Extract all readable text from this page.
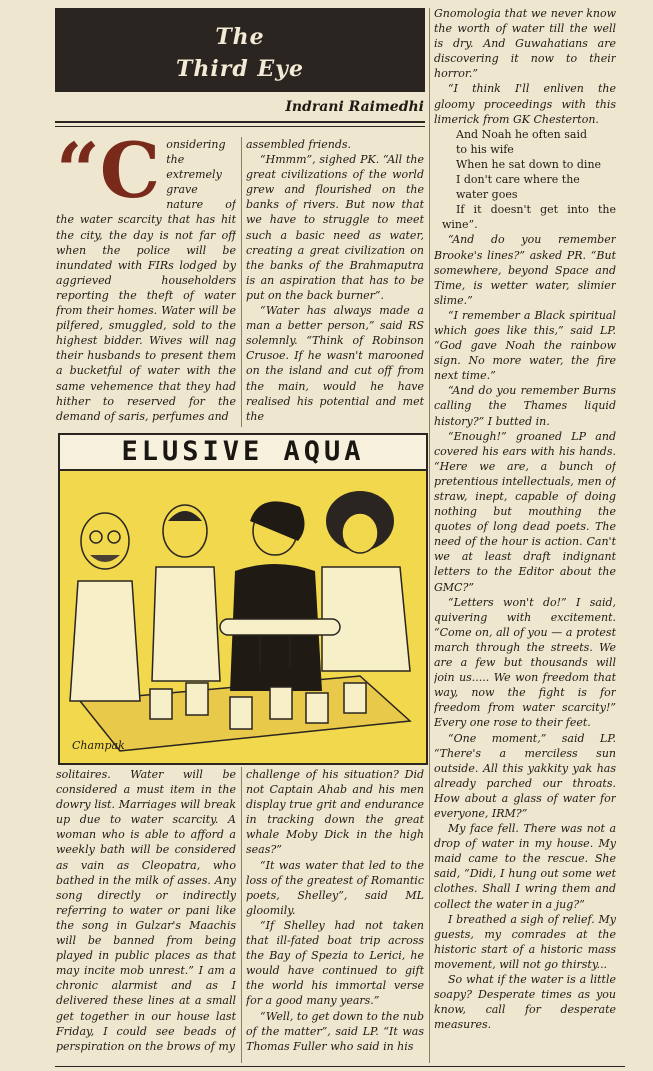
The
Third Eye
Indrani Raimedhi

“Considering the extremely grave nature of the water scarcity that has hit the city, the day is not far off when the police will be inundated with FIRs lodged by aggrieved householders reporting the theft of water from their homes. Water will be pilfered, smuggled, sold to the highest bidder. Wives will nag their husbands to present them a bucketful of water with the same vehemence that they had hither to reserved for the demand of saris, perfumes and

assembled friends.

“Hmmm”, sighed PK. “All the great civilizations of the world grew and flourished on the banks of rivers. But now that we have to struggle to meet such a basic need as water, creating a great civilization on the banks of the Brahmaputra is an aspiration that has to be put on the back burner”.

“Water has always made a man a better person,” said RS solemnly. “Think of Robinson Crusoe. If he wasn't marooned on the island and cut off from the main, would he have realised his potential and met the

ELUSIVE AQUA
Champak

solitaires. Water will be considered a must item in the dowry list. Marriages will break up due to water scarcity. A woman who is able to afford a weekly bath will be considered as vain as Cleopatra, who bathed in the milk of asses. Any song directly or indirectly referring to water or pani like the song in Gulzar's Maachis will be banned from being played in public places as that may incite mob unrest.” I am a chronic alarmist and as I delivered these lines at a small get together in our house last Friday, I could see beads of perspiration on the brows of my

challenge of his situation? Did not Captain Ahab and his men display true grit and endurance in tracking down the great whale Moby Dick in the high seas?”

“It was water that led to the loss of the greatest of Romantic poets, Shelley”, said ML gloomily.

“If Shelley had not taken that ill-fated boat trip across the Bay of Spezia to Lerici, he would have continued to gift the world his immortal verse for a good many years.”

“Well, to get down to the nub of the matter”, said LP. “It was Thomas Fuller who said in his

Gnomologia that we never know the worth of water till the well is dry. And Guwahatians are discovering it now to their horror.”

“I think I'll enliven the gloomy proceedings with this limerick from GK Chesterton.

And Noah he often said

to his wife

When he sat down to dine

I don't care where the

water goes

If it doesn't get into the wine”.

“And do you remember Brooke's lines?” asked PR. “But somewhere, beyond Space and Time, is wetter water, slimier slime.”

“I remember a Black spiritual which goes like this,” said LP. “God gave Noah the rainbow sign. No more water, the fire next time.”

“And do you remember Burns calling the Thames liquid history?” I butted in.

“Enough!” groaned LP and covered his ears with his hands. “Here we are, a bunch of pretentious intellectuals, men of straw, inept, capable of doing nothing but mouthing the quotes of long dead poets. The need of the hour is action. Can't we at least draft indignant letters to the Editor about the GMC?”

“Letters won't do!” I said, quivering with excitement. “Come on, all of you — a protest march through the streets. We are a few but thousands will join us..... We won freedom that way, now the fight is for freedom from water scarcity!” Every one rose to their feet.

“One moment,” said LP. “There's a merciless sun outside. All this yakkity yak has already parched our throats. How about a glass of water for everyone, IRM?”

My face fell. There was not a drop of water in my house. My maid came to the rescue. She said, “Didi, I hung out some wet clothes. Shall I wring them and collect the water in a jug?”

I breathed a sigh of relief. My guests, my comrades at the historic start of a historic mass movement, will not go thirsty...

So what if the water is a little soapy? Desperate times as you know, call for desperate measures.
